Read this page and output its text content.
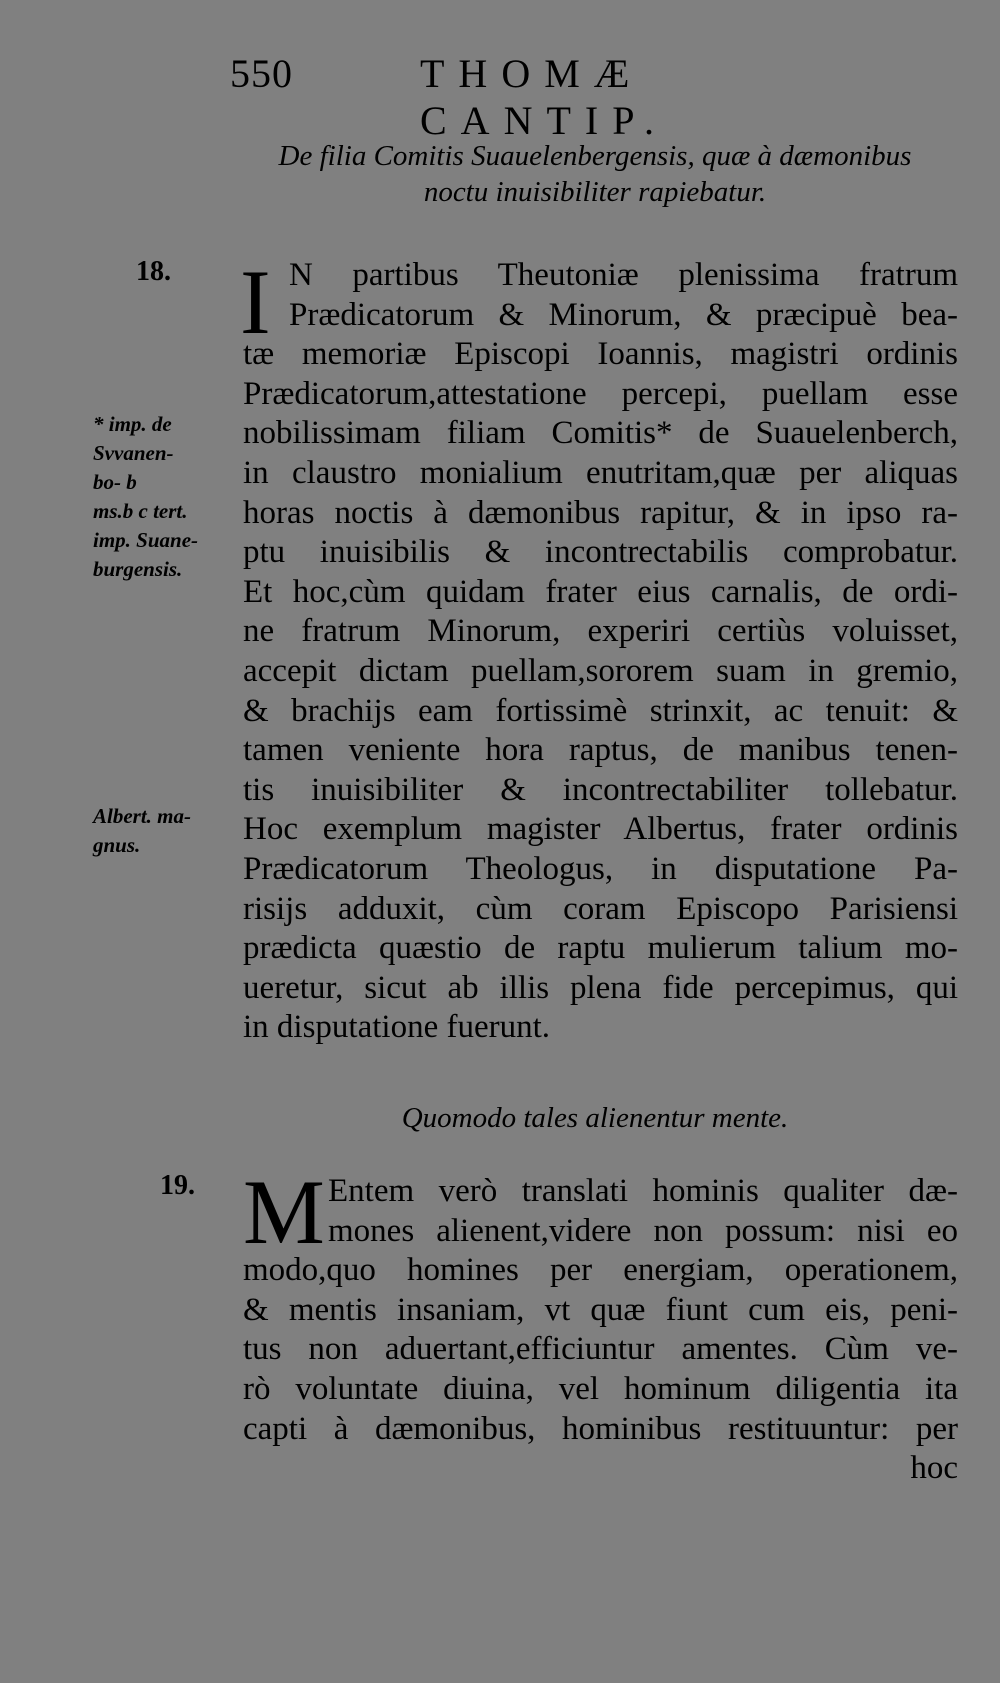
550	THOMÆ CANTIP.
De filia Comitis Suauelenbergensis, quæ à dæmonibus
noctu inuisibiliter rapiebatur.
18.
* imp. de
Svvanen-
bo- b
ms.b c tert.
imp. Suane-
burgensis.
Albert. ma-
gnus.
I N partibus Theutoniæ plenissima fratrum
Prædicatorum & Minorum, & præcipuè bea-
tæ memoriæ Episcopi Ioannis, magistri ordinis
Prædicatorum,attestatione percepi, puellam esse
nobilissimam filiam Comitis* de Suauelenberch,
in claustro monialium enutritam,quæ per aliquas
horas noctis à dæmonibus rapitur, & in ipso ra-
ptu inuisibilis & incontrectabilis comprobatur.
Et hoc,cùm quidam frater eius carnalis, de ordi-
ne fratrum Minorum, experiri certiùs voluisset,
accepit dictam puellam,sororem suam in gremio,
& brachijs eam fortissimè strinxit, ac tenuit: &
tamen veniente hora raptus, de manibus tenen-
tis inuisibiliter & incontrectabiliter tollebatur.
Hoc exemplum magister Albertus, frater ordinis
Prædicatorum Theologus, in disputatione Pa-
risijs adduxit, cùm coram Episcopo Parisiensi
prædicta quæstio de raptu mulierum talium mo-
ueretur, sicut ab illis plena fide percepimus, qui
in disputatione fuerunt.
Quomodo tales alienentur mente.
19. M Entem verò translati hominis qualiter dæ-
mones alienent,videre non possum: nisi eo
modo,quo homines per energiam, operationem,
& mentis insaniam, vt quæ fiunt cum eis, peni-
tus non aduertant,efficiuntur amentes. Cùm ve-
rò voluntate diuina, vel hominum diligentia ita
capti à dæmonibus, hominibus restituuntur: per
hoc
